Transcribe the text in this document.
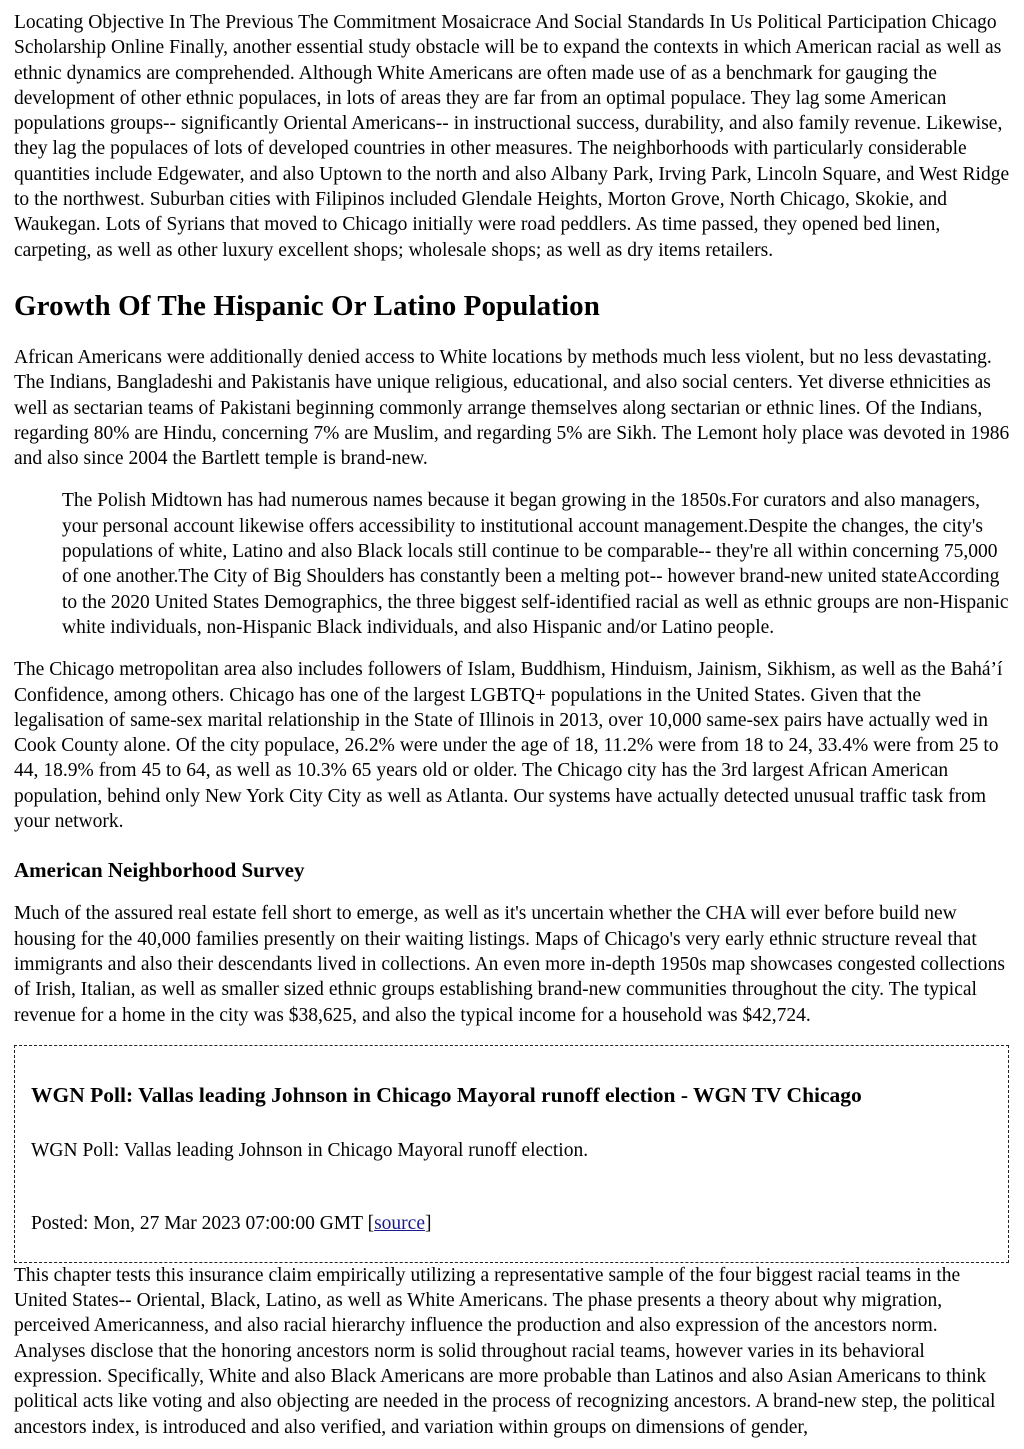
Locating Objective In The Previous The Commitment Mosaicrace And Social Standards In Us Political Participation Chicago Scholarship Online Finally, another essential study obstacle will be to expand the contexts in which American racial as well as ethnic dynamics are comprehended. Although White Americans are often made use of as a benchmark for gauging the development of other ethnic populaces, in lots of areas they are far from an optimal populace. They lag some American populations groups-- significantly Oriental Americans-- in instructional success, durability, and also family revenue. Likewise, they lag the populaces of lots of developed countries in other measures. The neighborhoods with particularly considerable quantities include Edgewater, and also Uptown to the north and also Albany Park, Irving Park, Lincoln Square, and West Ridge to the northwest. Suburban cities with Filipinos included Glendale Heights, Morton Grove, North Chicago, Skokie, and Waukegan. Lots of Syrians that moved to Chicago initially were road peddlers. As time passed, they opened bed linen, carpeting, as well as other luxury excellent shops; wholesale shops; as well as dry items retailers.

Growth Of The Hispanic Or Latino Population

African Americans were additionally denied access to White locations by methods much less violent, but no less devastating. The Indians, Bangladeshi and Pakistanis have unique religious, educational, and also social centers. Yet diverse ethnicities as well as sectarian teams of Pakistani beginning commonly arrange themselves along sectarian or ethnic lines. Of the Indians, regarding 80% are Hindu, concerning 7% are Muslim, and regarding 5% are Sikh. The Lemont holy place was devoted in 1986 and also since 2004 the Bartlett temple is brand-new.

The Polish Midtown has had numerous names because it began growing in the 1850s.For curators and also managers, your personal account likewise offers accessibility to institutional account management.Despite the changes, the city's populations of white, Latino and also Black locals still continue to be comparable-- they're all within concerning 75,000 of one another.The City of Big Shoulders has constantly been a melting pot-- however brand-new united stateAccording to the 2020 United States Demographics, the three biggest self-identified racial as well as ethnic groups are non-Hispanic white individuals, non-Hispanic Black individuals, and also Hispanic and/or Latino people.

The Chicago metropolitan area also includes followers of Islam, Buddhism, Hinduism, Jainism, Sikhism, as well as the Bahá’í Confidence, among others. Chicago has one of the largest LGBTQ+ populations in the United States. Given that the legalisation of same-sex marital relationship in the State of Illinois in 2013, over 10,000 same-sex pairs have actually wed in Cook County alone. Of the city populace, 26.2% were under the age of 18, 11.2% were from 18 to 24, 33.4% were from 25 to 44, 18.9% from 45 to 64, as well as 10.3% 65 years old or older. The Chicago city has the 3rd largest African American population, behind only New York City City as well as Atlanta. Our systems have actually detected unusual traffic task from your network.

American Neighborhood Survey

Much of the assured real estate fell short to emerge, as well as it's uncertain whether the CHA will ever before build new housing for the 40,000 families presently on their waiting listings. Maps of Chicago's very early ethnic structure reveal that immigrants and also their descendants lived in collections. An even more in-depth 1950s map showcases congested collections of Irish, Italian, as well as smaller sized ethnic groups establishing brand-new communities throughout the city. The typical revenue for a home in the city was $38,625, and also the typical income for a household was $42,724.

WGN Poll: Vallas leading Johnson in Chicago Mayoral runoff election - WGN TV Chicago

WGN Poll: Vallas leading Johnson in Chicago Mayoral runoff election.

Posted: Mon, 27 Mar 2023 07:00:00 GMT [source]

This chapter tests this insurance claim empirically utilizing a representative sample of the four biggest racial teams in the United States-- Oriental, Black, Latino, as well as White Americans. The phase presents a theory about why migration, perceived Americanness, and also racial hierarchy influence the production and also expression of the ancestors norm. Analyses disclose that the honoring ancestors norm is solid throughout racial teams, however varies in its behavioral expression. Specifically, White and also Black Americans are more probable than Latinos and also Asian Americans to think political acts like voting and also objecting are needed in the process of recognizing ancestors. A brand-new step, the political ancestors index, is introduced and also verified, and variation within groups on dimensions of gender,
